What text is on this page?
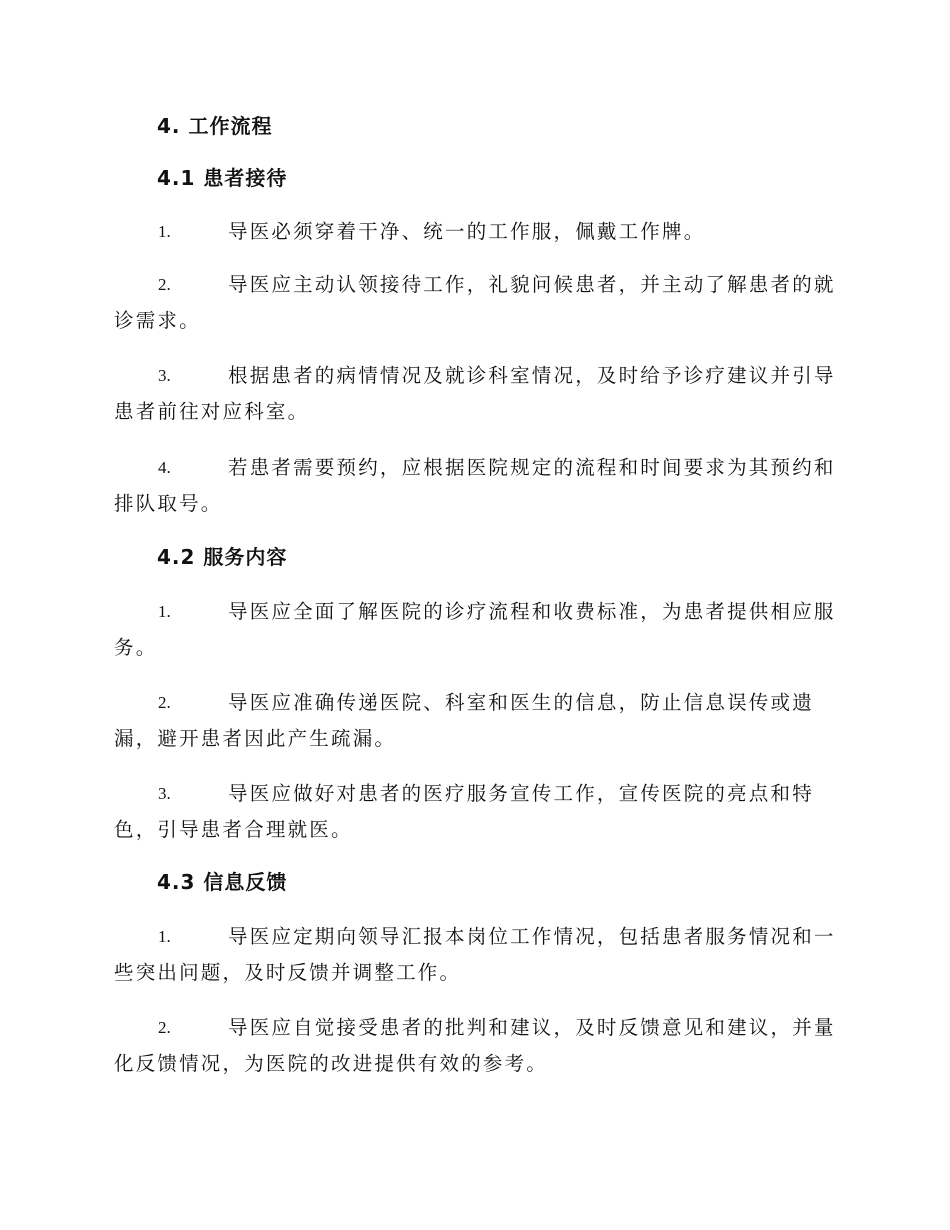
4. 工作流程
4.1 患者接待
1.	导医必须穿着干净、统一的工作服，佩戴工作牌。
2.	导医应主动认领接待工作，礼貌问候患者，并主动了解患者的就
诊需求。
3.	根据患者的病情情况及就诊科室情况，及时给予诊疗建议并引导
患者前往对应科室。
4.	若患者需要预约，应根据医院规定的流程和时间要求为其预约和
排队取号。
4.2 服务内容
1.	导医应全面了解医院的诊疗流程和收费标准，为患者提供相应服
务。
2.	导医应准确传递医院、科室和医生的信息，防止信息误传或遗
漏，避开患者因此产生疏漏。
3.	导医应做好对患者的医疗服务宣传工作，宣传医院的亮点和特
色，引导患者合理就医。
4.3 信息反馈
1.	导医应定期向领导汇报本岗位工作情况，包括患者服务情况和一
些突出问题，及时反馈并调整工作。
2.	导医应自觉接受患者的批判和建议，及时反馈意见和建议，并量
化反馈情况，为医院的改进提供有效的参考。
